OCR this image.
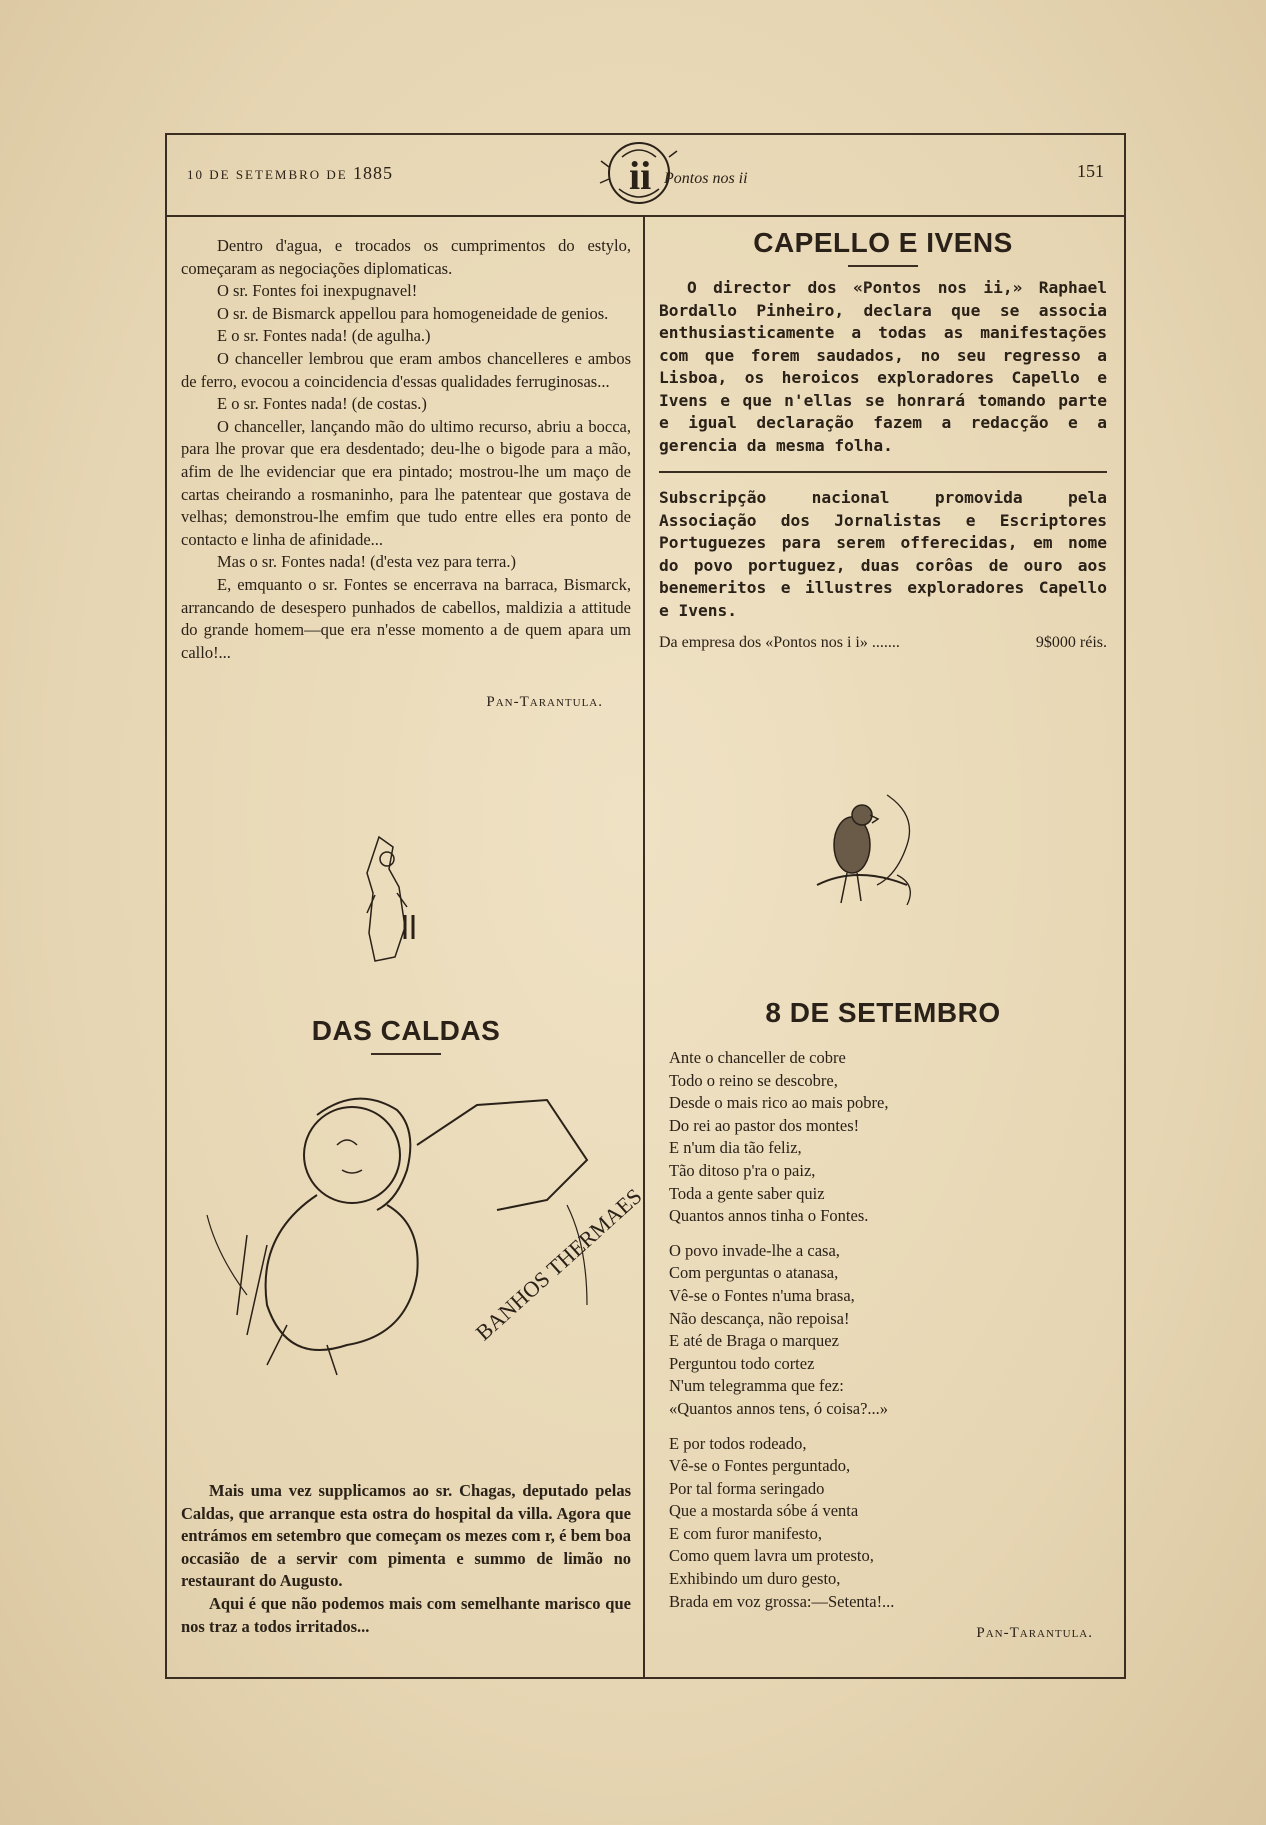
10 DE SETEMBRO DE 1885	ii Pontos nos ii	151

Dentro d'agua, e trocados os cumprimentos do estylo, começaram as negociações diplomaticas.

O sr. Fontes foi inexpugnavel!

O sr. de Bismarck appellou para homogeneidade de genios.

E o sr. Fontes nada! (de agulha.)

O chanceller lembrou que eram ambos chancelleres e ambos de ferro, evocou a coincidencia d'essas qualidades ferruginosas...

E o sr. Fontes nada! (de costas.)

O chanceller, lançando mão do ultimo recurso, abriu a bocca, para lhe provar que era desdentado; deu-lhe o bigode para a mão, afim de lhe evidenciar que era pintado; mostrou-lhe um maço de cartas cheirando a rosmaninho, para lhe patentear que gostava de velhas; demonstrou-lhe emfim que tudo entre elles era ponto de contacto e linha de afinidade...

Mas o sr. Fontes nada! (d'esta vez para terra.)

E, emquanto o sr. Fontes se encerrava na barraca, Bismarck, arrancando de desespero punhados de cabellos, maldizia a attitude do grande homem—que era n'esse momento a de quem apara um callo!...

Pan-Tarantula.
DAS CALDAS
BANHOS THERMAES

Mais uma vez supplicamos ao sr. Chagas, deputado pelas Caldas, que arranque esta ostra do hospital da villa. Agora que entrámos em setembro que começam os mezes com r, é bem boa occasião de a servir com pimenta e summo de limão no restaurant do Augusto.

Aqui é que não podemos mais com semelhante marisco que nos traz a todos irritados...

CAPELLO E IVENS

O director dos «Pontos nos ii,» Raphael Bordallo Pinheiro, declara que se associa enthusiasticamente a todas as manifestações com que forem saudados, no seu regresso a Lisboa, os heroicos exploradores Capello e Ivens e que n'ellas se honrará tomando parte e igual declaração fazem a redacção e a gerencia da mesma folha.

Subscripção nacional promovida pela Associação dos Jornalistas e Escriptores Portuguezes para serem offerecidas, em nome do povo portuguez, duas corôas de ouro aos benemeritos e illustres exploradores Capello e Ivens.

Da empresa dos «Pontos nos i i» .......	9$000 réis.
8 DE SETEMBRO
Ante o chanceller de cobre
Todo o reino se descobre,
Desde o mais rico ao mais pobre,
Do rei ao pastor dos montes!
E n'um dia tão feliz,
Tão ditoso p'ra o paiz,
Toda a gente saber quiz
Quantos annos tinha o Fontes.
O povo invade-lhe a casa,
Com perguntas o atanasa,
Vê-se o Fontes n'uma brasa,
Não descança, não repoisa!
E até de Braga o marquez
Perguntou todo cortez
N'um telegramma que fez:
«Quantos annos tens, ó coisa?...»
E por todos rodeado,
Vê-se o Fontes perguntado,
Por tal forma seringado
Que a mostarda sóbe á venta
E com furor manifesto,
Como quem lavra um protesto,
Exhibindo um duro gesto,
Brada em voz grossa:—Setenta!...
Pan-Tarantula.
